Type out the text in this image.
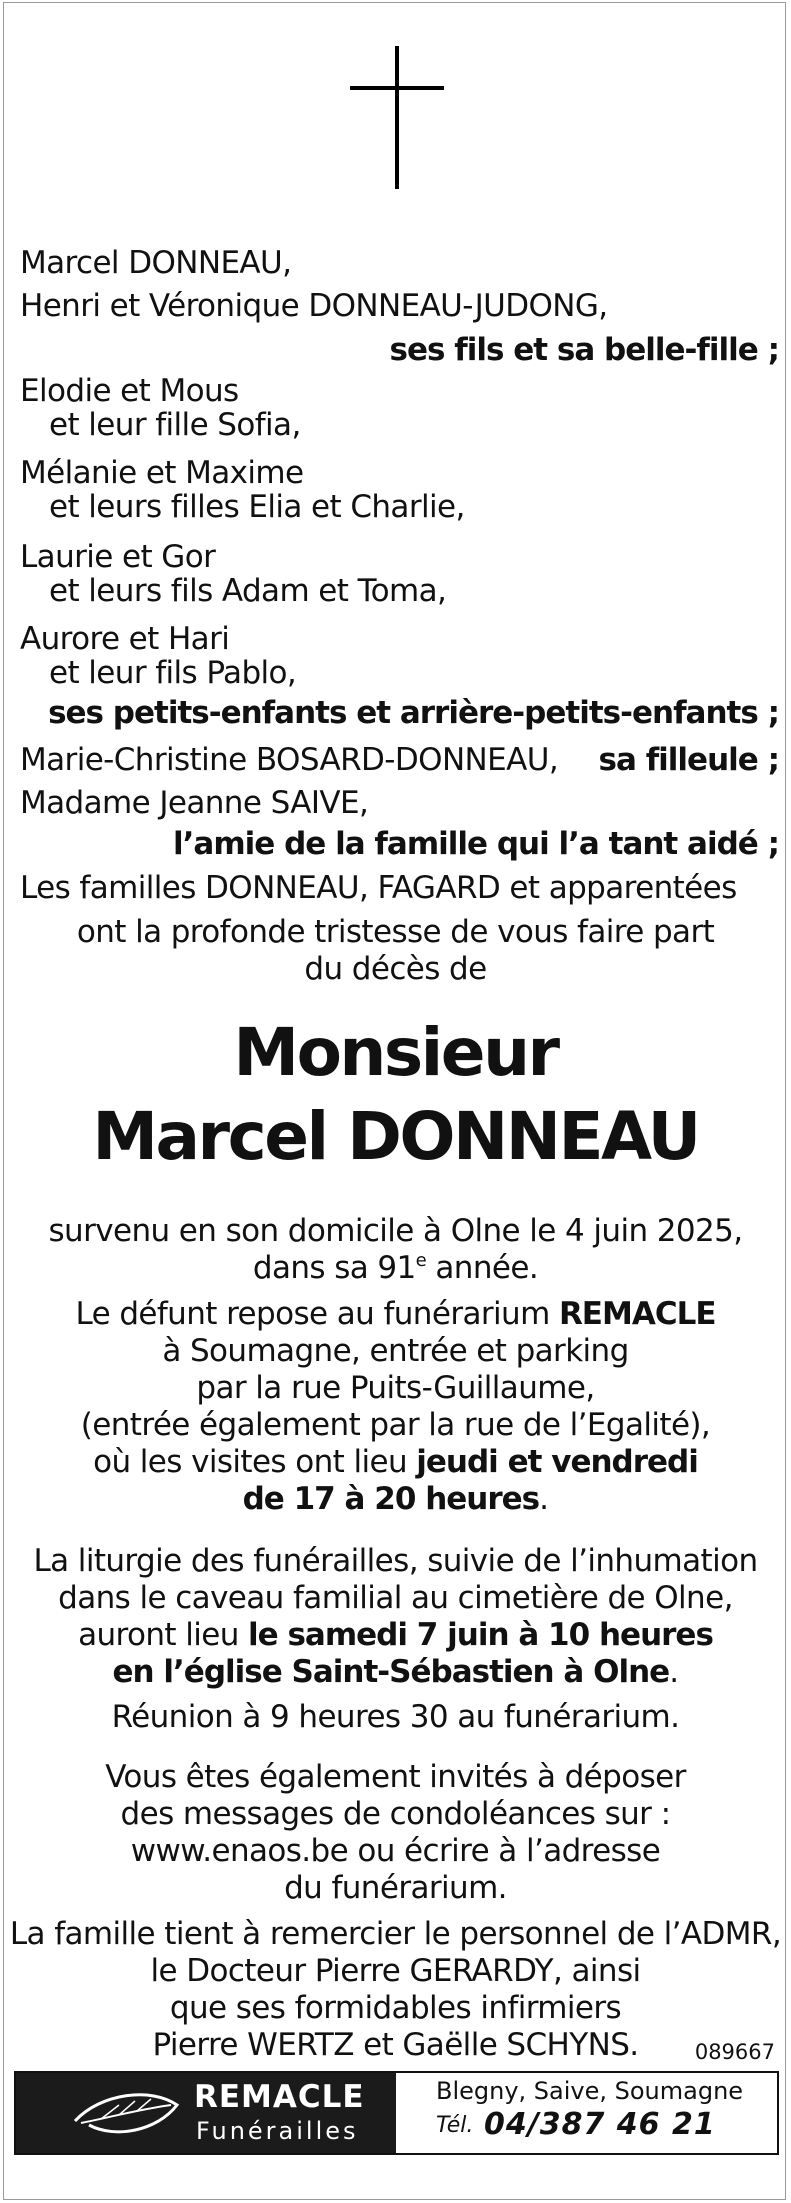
Marcel DONNEAU,
Henri et Véronique DONNEAU-JUDONG,
ses fils et sa belle-fille ;
Elodie et Mous
et leur fille Sofia,
Mélanie et Maxime
et leurs filles Elia et Charlie,
Laurie et Gor
et leurs fils Adam et Toma,
Aurore et Hari
et leur fils Pablo,
ses petits-enfants et arrière-petits-enfants ;
Marie-Christine BOSARD-DONNEAU, sa filleule ;
Madame Jeanne SAIVE,
l’amie de la famille qui l’a tant aidé ;
Les familles DONNEAU, FAGARD et apparentées
ont la profonde tristesse de vous faire part
du décès de
Monsieur
Marcel DONNEAU
survenu en son domicile à Olne le 4 juin 2025,
dans sa 91e année.
Le défunt repose au funérarium REMACLE
à Soumagne, entrée et parking
par la rue Puits-Guillaume,
(entrée également par la rue de l’Egalité),
où les visites ont lieu jeudi et vendredi
de 17 à 20 heures.
La liturgie des funérailles, suivie de l’inhumation
dans le caveau familial au cimetière de Olne,
auront lieu le samedi 7 juin à 10 heures
en l’église Saint-Sébastien à Olne.
Réunion à 9 heures 30 au funérarium.
Vous êtes également invités à déposer
des messages de condoléances sur :
www.enaos.be ou écrire à l’adresse
du funérarium.
La famille tient à remercier le personnel de l’ADMR,
le Docteur Pierre GERARDY, ainsi
que ses formidables infirmiers
Pierre WERTZ et Gaëlle SCHYNS.	089667
REMACLE
Funérailles
Blegny, Saive, Soumagne
Tél. 04/387 46 21
